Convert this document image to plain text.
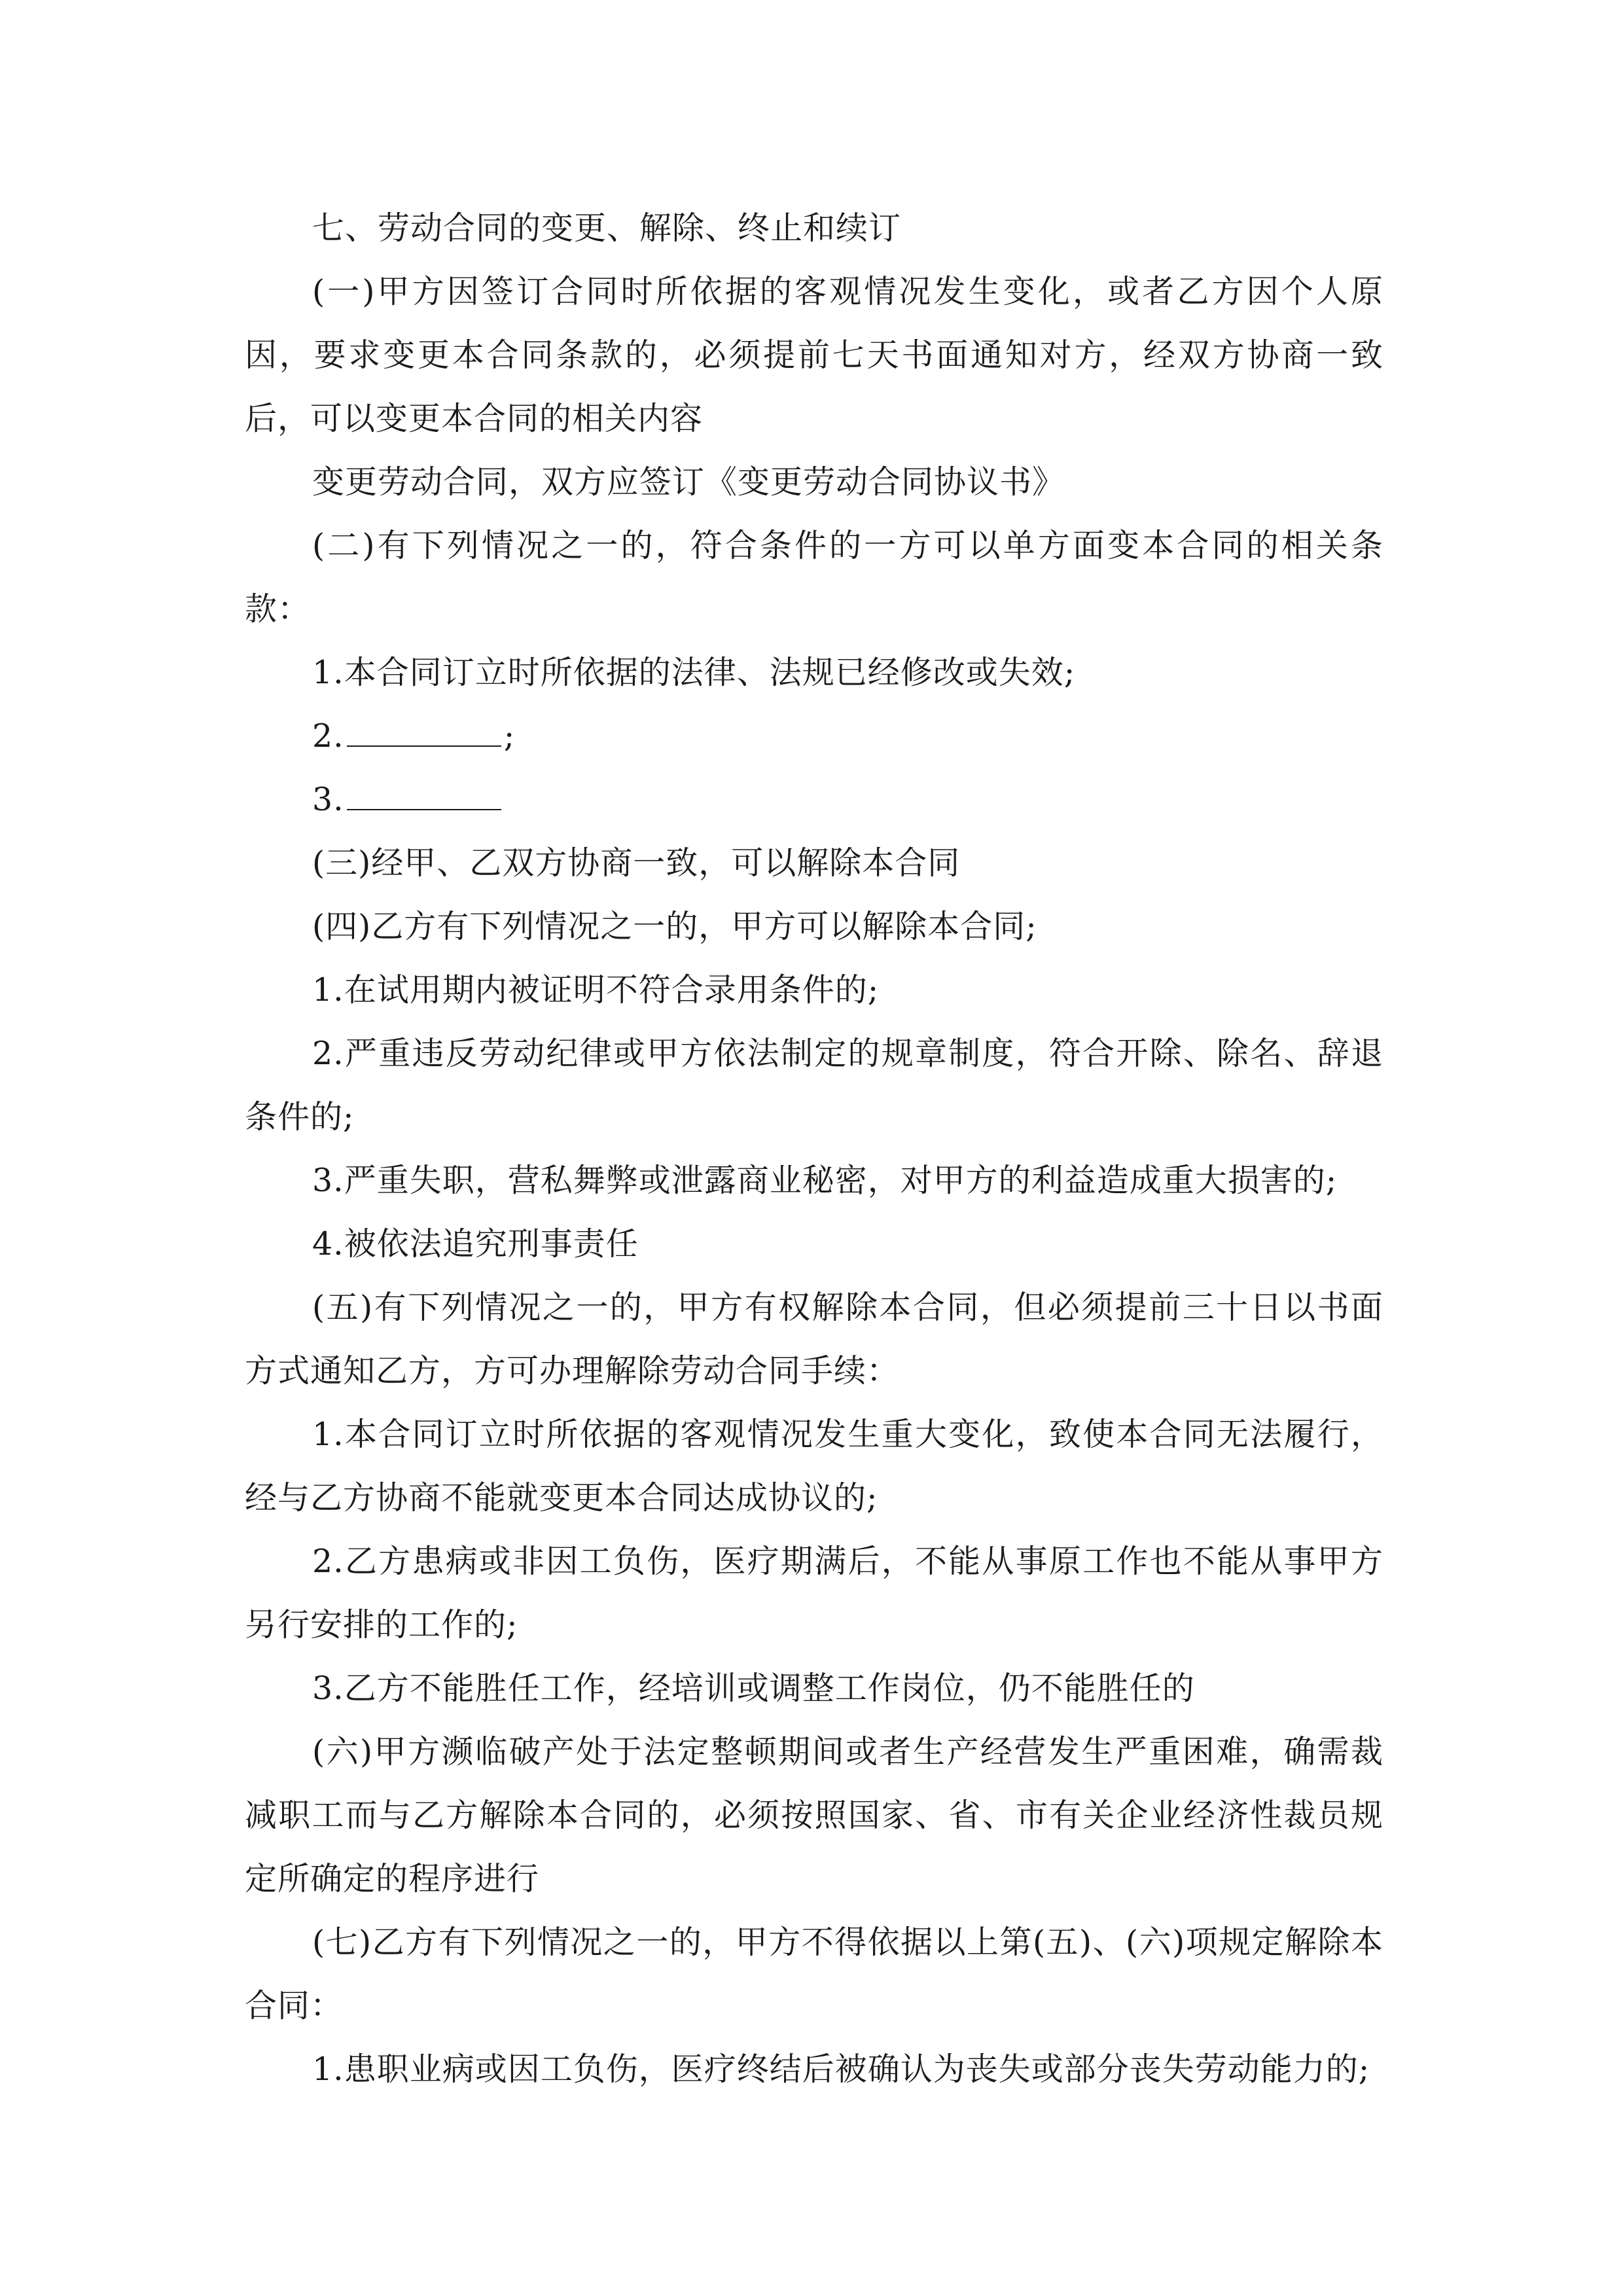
七、劳动合同的变更、解除、终止和续订

(一)甲方因签订合同时所依据的客观情况发生变化，或者乙方因个人原因，要求变更本合同条款的，必须提前七天书面通知对方，经双方协商一致后，可以变更本合同的相关内容

变更劳动合同，双方应签订《变更劳动合同协议书》

(二)有下列情况之一的，符合条件的一方可以单方面变本合同的相关条款：

1.本合同订立时所依据的法律、法规已经修改或失效;

2.	;

3.

(三)经甲、乙双方协商一致，可以解除本合同

(四)乙方有下列情况之一的，甲方可以解除本合同;

1.在试用期内被证明不符合录用条件的;

2.严重违反劳动纪律或甲方依法制定的规章制度，符合开除、除名、辞退条件的;

3.严重失职，营私舞弊或泄露商业秘密，对甲方的利益造成重大损害的;

4.被依法追究刑事责任

(五)有下列情况之一的，甲方有权解除本合同，但必须提前三十日以书面方式通知乙方，方可办理解除劳动合同手续：

1.本合同订立时所依据的客观情况发生重大变化，致使本合同无法履行，经与乙方协商不能就变更本合同达成协议的;

2.乙方患病或非因工负伤，医疗期满后，不能从事原工作也不能从事甲方另行安排的工作的;

3.乙方不能胜任工作，经培训或调整工作岗位，仍不能胜任的

(六)甲方濒临破产处于法定整顿期间或者生产经营发生严重困难，确需裁减职工而与乙方解除本合同的，必须按照国家、省、市有关企业经济性裁员规定所确定的程序进行

(七)乙方有下列情况之一的，甲方不得依据以上第(五)、(六)项规定解除本合同：

1.患职业病或因工负伤，医疗终结后被确认为丧失或部分丧失劳动能力的;
